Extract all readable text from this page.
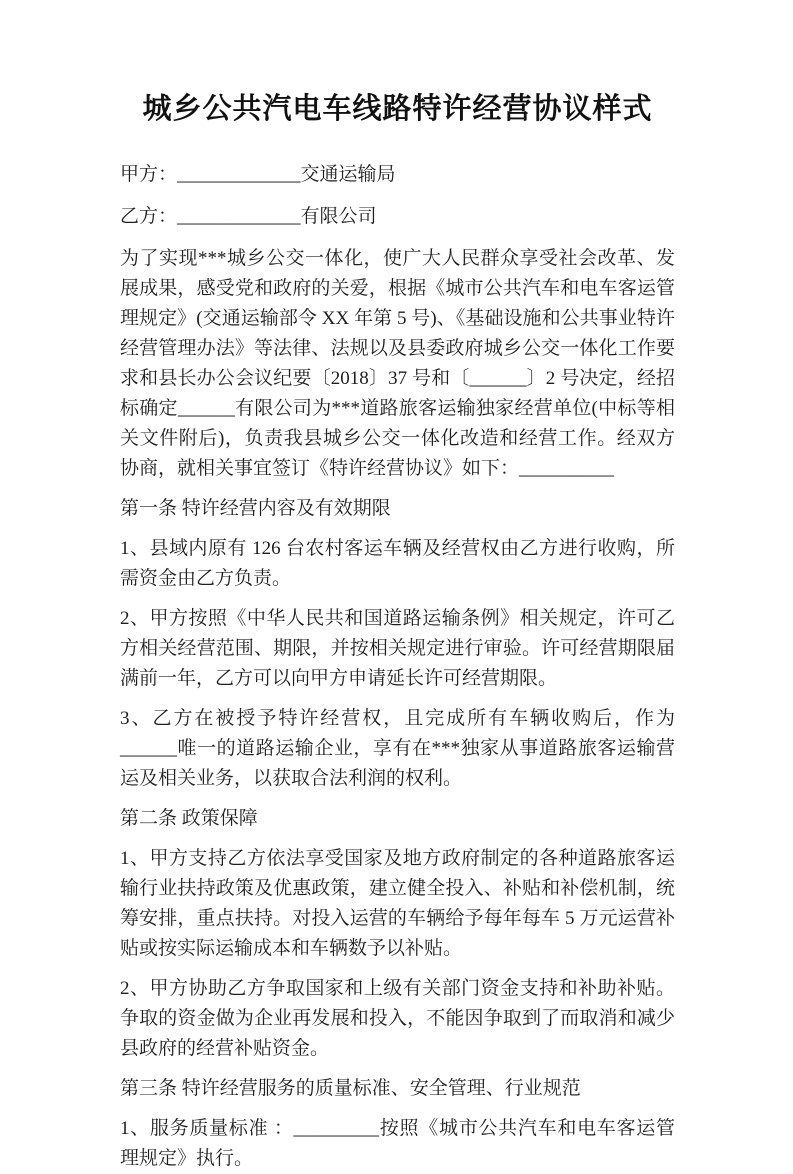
城乡公共汽电车线路特许经营协议样式

甲方：_____________交通运输局

乙方：_____________有限公司

为了实现***城乡公交一体化，使广大人民群众享受社会改革、发展成果，感受党和政府的关爱，根据《城市公共汽车和电车客运管理规定》(交通运输部令 XX 年第 5 号)、《基础设施和公共事业特许经营管理办法》等法律、法规以及县委政府城乡公交一体化工作要求和县长办公会议纪要〔2018〕37 号和〔______〕2 号决定，经招标确定______有限公司为***道路旅客运输独家经营单位(中标等相关文件附后)，负责我县城乡公交一体化改造和经营工作。经双方协商，就相关事宜签订《特许经营协议》如下：__________

第一条 特许经营内容及有效期限

1、县域内原有 126 台农村客运车辆及经营权由乙方进行收购，所需资金由乙方负责。

2、甲方按照《中华人民共和国道路运输条例》相关规定，许可乙方相关经营范围、期限，并按相关规定进行审验。许可经营期限届满前一年，乙方可以向甲方申请延长许可经营期限。

3、乙方在被授予特许经营权，且完成所有车辆收购后，作为______唯一的道路运输企业，享有在***独家从事道路旅客运输营运及相关业务，以获取合法利润的权利。

第二条 政策保障

1、甲方支持乙方依法享受国家及地方政府制定的各种道路旅客运输行业扶持政策及优惠政策，建立健全投入、补贴和补偿机制，统筹安排，重点扶持。对投入运营的车辆给予每年每车 5 万元运营补贴或按实际运输成本和车辆数予以补贴。

2、甲方协助乙方争取国家和上级有关部门资金支持和补助补贴。争取的资金做为企业再发展和投入，不能因争取到了而取消和减少县政府的经营补贴资金。

第三条 特许经营服务的质量标准、安全管理、行业规范

1、服务质量标准 ：_________按照《城市公共汽车和电车客运管理规定》执行。
